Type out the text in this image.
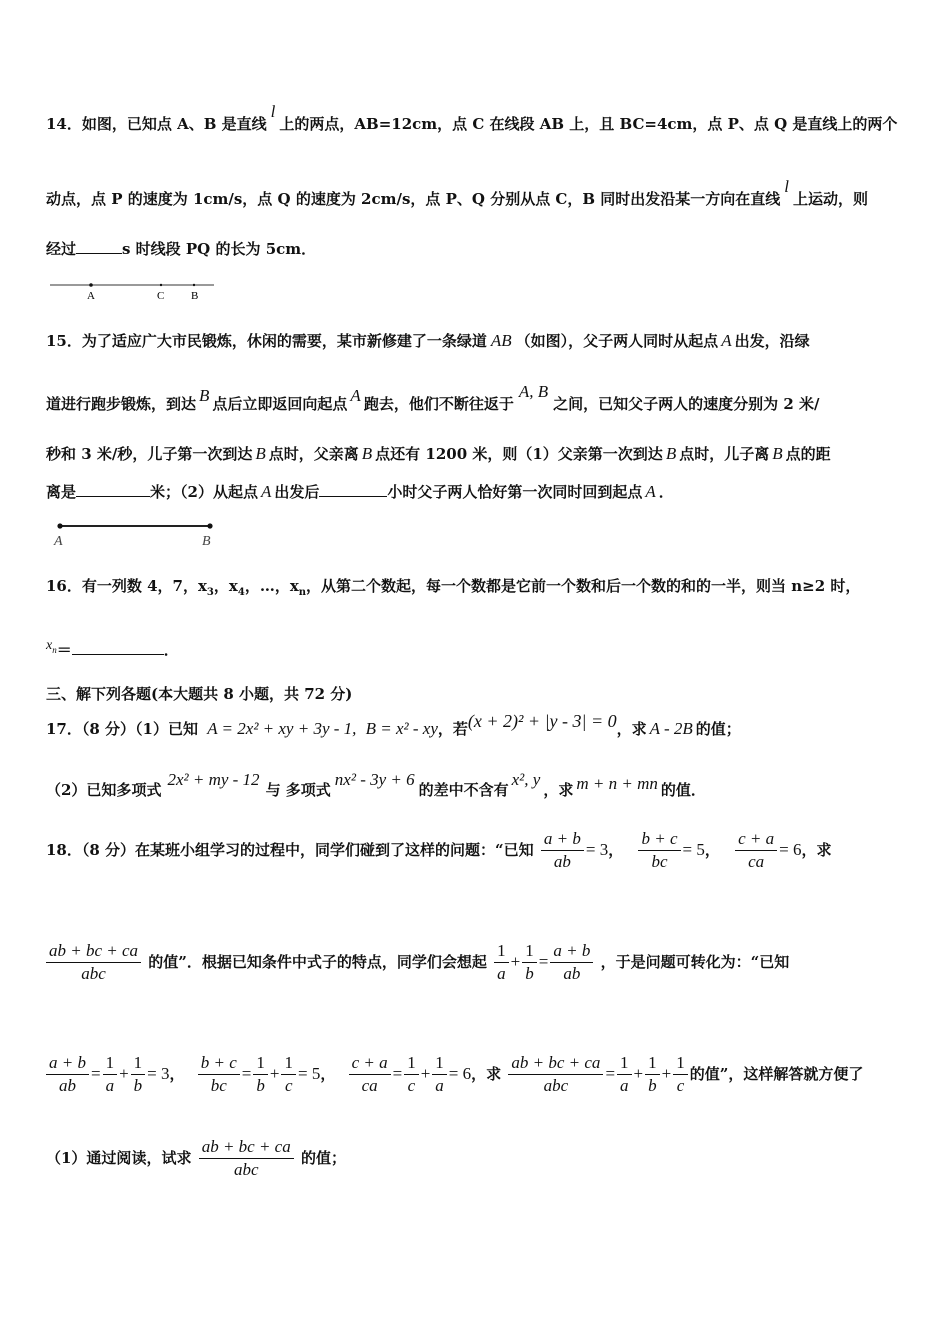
14．如图，已知点 A、B 是直线l上的两点，AB=12cm，点 C 在线段 AB 上，且 BC=4cm，点 P、点 Q 是直线上的两个
动点，点 P 的速度为 1cm/s，点 Q 的速度为 2cm/s，点 P、Q 分别从点 C，B 同时出发沿某一方向在直线l上运动，则
经过	s 时线段 PQ 的长为 5cm．
A	C B
15．为了适应广大市民锻炼，休闲的需要，某市新修建了一条绿道 AB （如图），父子两人同时从起点 A 出发，沿绿
道进行跑步锻炼，到达 B 点后立即返回向起点 A 跑去，他们不断往返于A, B之间，已知父子两人的速度分别为 2 米/
秒和 3 米/秒，儿子第一次到达 B 点时，父亲离 B 点还有 1200 米，则（1）父亲第一次到达 B 点时，儿子离 B 点的距
离是	米；（2）从起点 A 出发后	小时父子两人恰好第一次同时回到起点 A ．
A	B
16．有一列数 4，7，$x_3$，$x_4$，…，$x_n$，从第二个数起，每一个数都是它前一个数和后一个数的和的一半，则当 n≥2 时，
$x_n=$	．
三、解下列各题(本大题共 8 小题，共 72 分)
17．（8 分）（1）已知 A = 2x² + xy + 3y - 1, B = x² - xy，若(x + 2)² + |y - 3| = 0，求 A - 2B 的值；
（2）已知多项式2x² + my - 12与 多项式nx² - 3y + 6的差中不含有x², y，求 m + n + mn 的值．
18．（8 分）在某班小组学习的过程中，同学们碰到了这样的问题：“已知 $\frac{a + b}{ab} = 3$， $\frac{b + c}{bc} = 5$， $\frac{c + a}{ca} = 6$，求
$\frac{ab + bc + ca}{\text{abc}}$ 的值”．根据已知条件中式子的特点，同学们会想起 $\frac{1}{a} + \frac{1}{b} = \frac{a + b}{ab}$ ，于是问题可转化为：“已知
$\frac{a + b}{ab} = \frac{1}{a} + \frac{1}{b} = 3$， $\frac{b + c}{bc} = \frac{1}{b} + \frac{1}{c} = 5$， $\frac{c + a}{ca} = \frac{1}{c} + \frac{1}{a} = 6$，求 $\frac{ab + bc + ca}{\text{abc}} = \frac{1}{a} + \frac{1}{b} + \frac{1}{c}$ 的值”，这样解答就方便了
（1）通过阅读，试求 $\frac{ab + bc + ca}{\text{abc}}$ 的值；
